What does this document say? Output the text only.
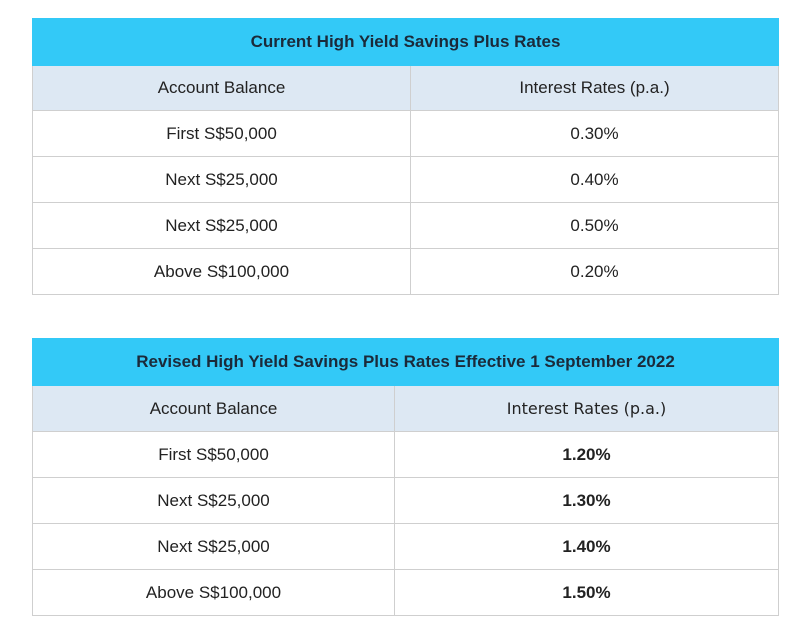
Current High Yield Savings Plus Rates	
Account Balance	Interest Rates (p.a.)
First S$50,000	0.30%
Next S$25,000	0.40%
Next S$25,000	0.50%
Above S$100,000	0.20%
Revised High Yield Savings Plus Rates Effective 1 September 2022	
Account Balance	Interest Rates (p.a.)
First S$50,000	1.20%
Next S$25,000	1.30%
Next S$25,000	1.40%
Above S$100,000	1.50%
